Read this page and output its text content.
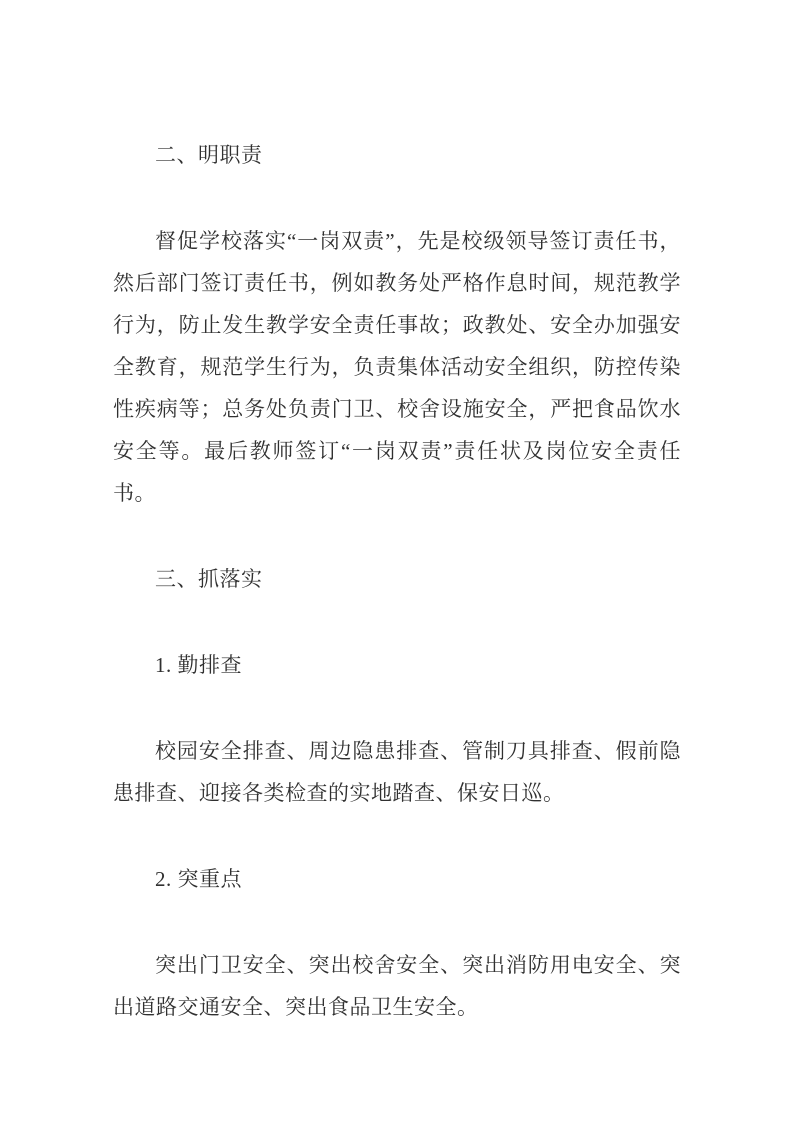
二、明职责

督促学校落实“一岗双责”，先是校级领导签订责任书，然后部门签订责任书，例如教务处严格作息时间，规范教学行为，防止发生教学安全责任事故；政教处、安全办加强安全教育，规范学生行为，负责集体活动安全组织，防控传染性疾病等；总务处负责门卫、校舍设施安全，严把食品饮水安全等。最后教师签订“一岗双责”责任状及岗位安全责任书。

三、抓落实

1. 勤排查

校园安全排查、周边隐患排查、管制刀具排查、假前隐患排查、迎接各类检查的实地踏查、保安日巡。

2. 突重点

突出门卫安全、突出校舍安全、突出消防用电安全、突出道路交通安全、突出食品卫生安全。
